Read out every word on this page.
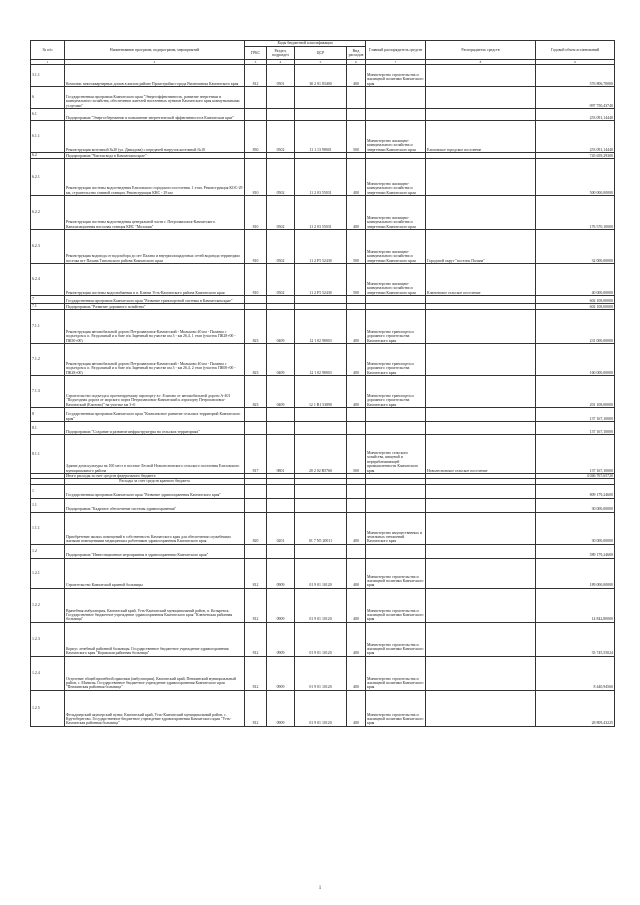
№ п/п	Наименование программ, подпрограмм, мероприятий	Коды бюджетной классификации				Главный распорядитель средств	Распорядитель средств	Годовой объем ассигнований
		ГРБС	Раздел, подраздел	ЦСР	Вид расходов			
1	2	3	4	5	6	7	8	9
3.1.1	Комплекс многоквартирных домов в жилом районе Промстройки города Вилючинска Камчатского края	812	0501	30 2 01 83400	400	Министерство строительства и жилищной политики Камчатского края		576 806,70000
6	Государственная программа Камчатского края "Энергоэффективность, развитие энергетики и коммунального хозяйства, обеспечение жителей населенных пунктов Камчатского края коммунальными услугами"							097 750,43740
6.1	Подпрограмма "Энергосбережение и повышение энергетической эффективности в Камчатском крае"							253 091,14440
6.1.1	Реконструкция котельной №20 (ул. Давыдова) с передачей нагрузок котельной №10	830	0502	11 1 13 98001	500	Министерство жилищно-коммунального хозяйства и энергетики Камчатского края	Елизовское городское поселение	253 091,14440
6.2	Подпрограмма "Чистая вода в Камчатском крае"							745 659,29300
6.2.1	Реконструкция системы водоотведения Елизовского городского поселения. 1 этап. Реконструкция КОС-29 км, строительство главной станции. Реконструкция КНС - 29 км	810	0502	11 2 03 55031	400	Министерство жилищно-коммунального хозяйства и энергетики Камчатского края		500 000,00000
6.2.2	Реконструкция системы водоотведения центральной части г. Петропавловск-Камчатского. Канализационная насосная станция КНС "Молокия"	810	0502	11 2 03 55031	400	Министерство жилищно-коммунального хозяйства и энергетики Камчатского края		176 570,10000
6.2.3	Реконструкция водовода от водозабора до пгт Палана и внутриплощадочных сетей водовода территории поселка пгт Палана Тигильского района Камчатского края	810	0502	11 2 F5 52430	500	Министерство жилищно-коммунального хозяйства и энергетики Камчатского края	Городской округ "поселок Палана"	32 000,00000
6.2.4	Реконструкция системы водоснабжения в п. Ключи Усть-Камчатского района Камчатского края	810	0502	11 2 F5 52430	500	Министерство жилищно-коммунального хозяйства и энергетики Камчатского края	Ключевское сельское поселение	40 000,00000
7	Государственная программа Камчатского края "Развитие транспортной системы в Камчатском крае"							602 108,00000
7.1	Подпрограмма "Развитие дорожного хозяйства"							602 108,00000
7.1.1	Реконструкция автомобильной дороги Петропавловск-Камчатский - Мильково 40 км - Паланка с подъездом к п. Раздольный и к базе п/к Заречный на участке км 3 - км 26,4, 1 этап (участок ПК28+00 - ПК50+00)	823	0409	12 1 02 98003	400	Министерство транспорта и дорожного строительства Камчатского края		231 000,00000
7.1.2	Реконструкция автомобильной дороги Петропавловск-Камчатский - Мильково 40 км - Паланка с подъездом к п. Раздольный и к базе п/к Заречный на участке км 3 - км 26,4, 2 этап (участок ПК00+00 - ПК28+00)	823	0409	12 1 02 98003	400	Министерство транспорта и дорожного строительства Камчатского края		160 000,00000
7.1.3	Строительство подъезда к проектируемому аэропорту в г. Елизово от автомобильной дороги А-401 "Подъездная дорога от морского порта Петропавловск-Камчатский к аэропорту Петропавловск-Камчатский (Елизово)" на участке км 3+0	823	0409	12 1 R1 53890	400	Министерство транспорта и дорожного строительства Камчатского края		201 108,00000
8	Государственная программа Камчатского края "Комплексное развитие сельских территорий Камчатского края"							137 167,10000
8.1	Подпрограмма "Создание и развитие инфраструктуры на сельских территориях"							137 167,10000
8.1.1	Здание дома культуры на 100 мест в поселке Лесной Новолесновского сельского поселения Елизовского муниципального района	817	0801	20 2 02 R5760	500	Министерство сельского хозяйства, пищевой и перерабатывающей промышленности Камчатского края	Новолесновское сельское поселение	137 167,10000
	Итого расходы за счет средств федерального бюджета							4 046 767,65720
	Расходы за счет средств краевого бюджета							
1	Государственная программа Камчатского края "Развитие здравоохранения Камчатского края"							809 179,24600
1.1	Подпрограмма "Кадровое обеспечение системы здравоохранения"							30 000,00000
1.1.1	Приобретение жилых помещений в собственность Камчатского края для обеспечения служебными жилыми помещениями медицинских работников здравоохранения Камчатского края	820	0201	01 7 N5 20011	400	Министерство имущественных и земельных отношений Камчатского края		30 000,00000
1.2	Подпрограмма "Инвестиционные мероприятия в здравоохранении Камчатского края"							589 179,24600
1.2.1	Строительство Камчатской краевой больницы	812	0909	01 9 01 10120	400	Министерство строительства и жилищной политики Камчатского края		189 000,00000
1.2.2	Врачебная амбулатория, Камчатский край, Усть-Камчатский муниципальный район, п. Козыревск. Государственное бюджетное учреждение здравоохранения Камчатского края "Ключевская районная больница"	812	0909	01 9 01 10120	400	Министерство строительства и жилищной политики Камчатского края		14 842,80000
1.2.3	Корпус лечебный районной больницы. Государственное бюджетное учреждение здравоохранения Камчатского края "Корякская районная больница"	812	0909	01 9 01 10120	400	Министерство строительства и жилищной политики Камчатского края		35 745,55024
1.2.4	Отделение общей врачебной практики (амбулатория), Камчатский край, Пенжинский муниципальный район, с. Манилы. Государственное бюджетное учреждение здравоохранения Камчатского края "Пенжинская районная больница"	812	0909	01 9 01 10120	400	Министерство строительства и жилищной политики Камчатского края		8 440,94560
1.2.5	Фельдшерский акушерский пункт, Камчатский край, Усть-Камчатский муниципальный район, с. Крутоберегово. Государственное бюджетное учреждение здравоохранения Камчатского края "Усть-Камчатская районная больница"	812	0909	01 9 01 10120	400	Министерство строительства и жилищной политики Камчатского края		28 809,43225
1
